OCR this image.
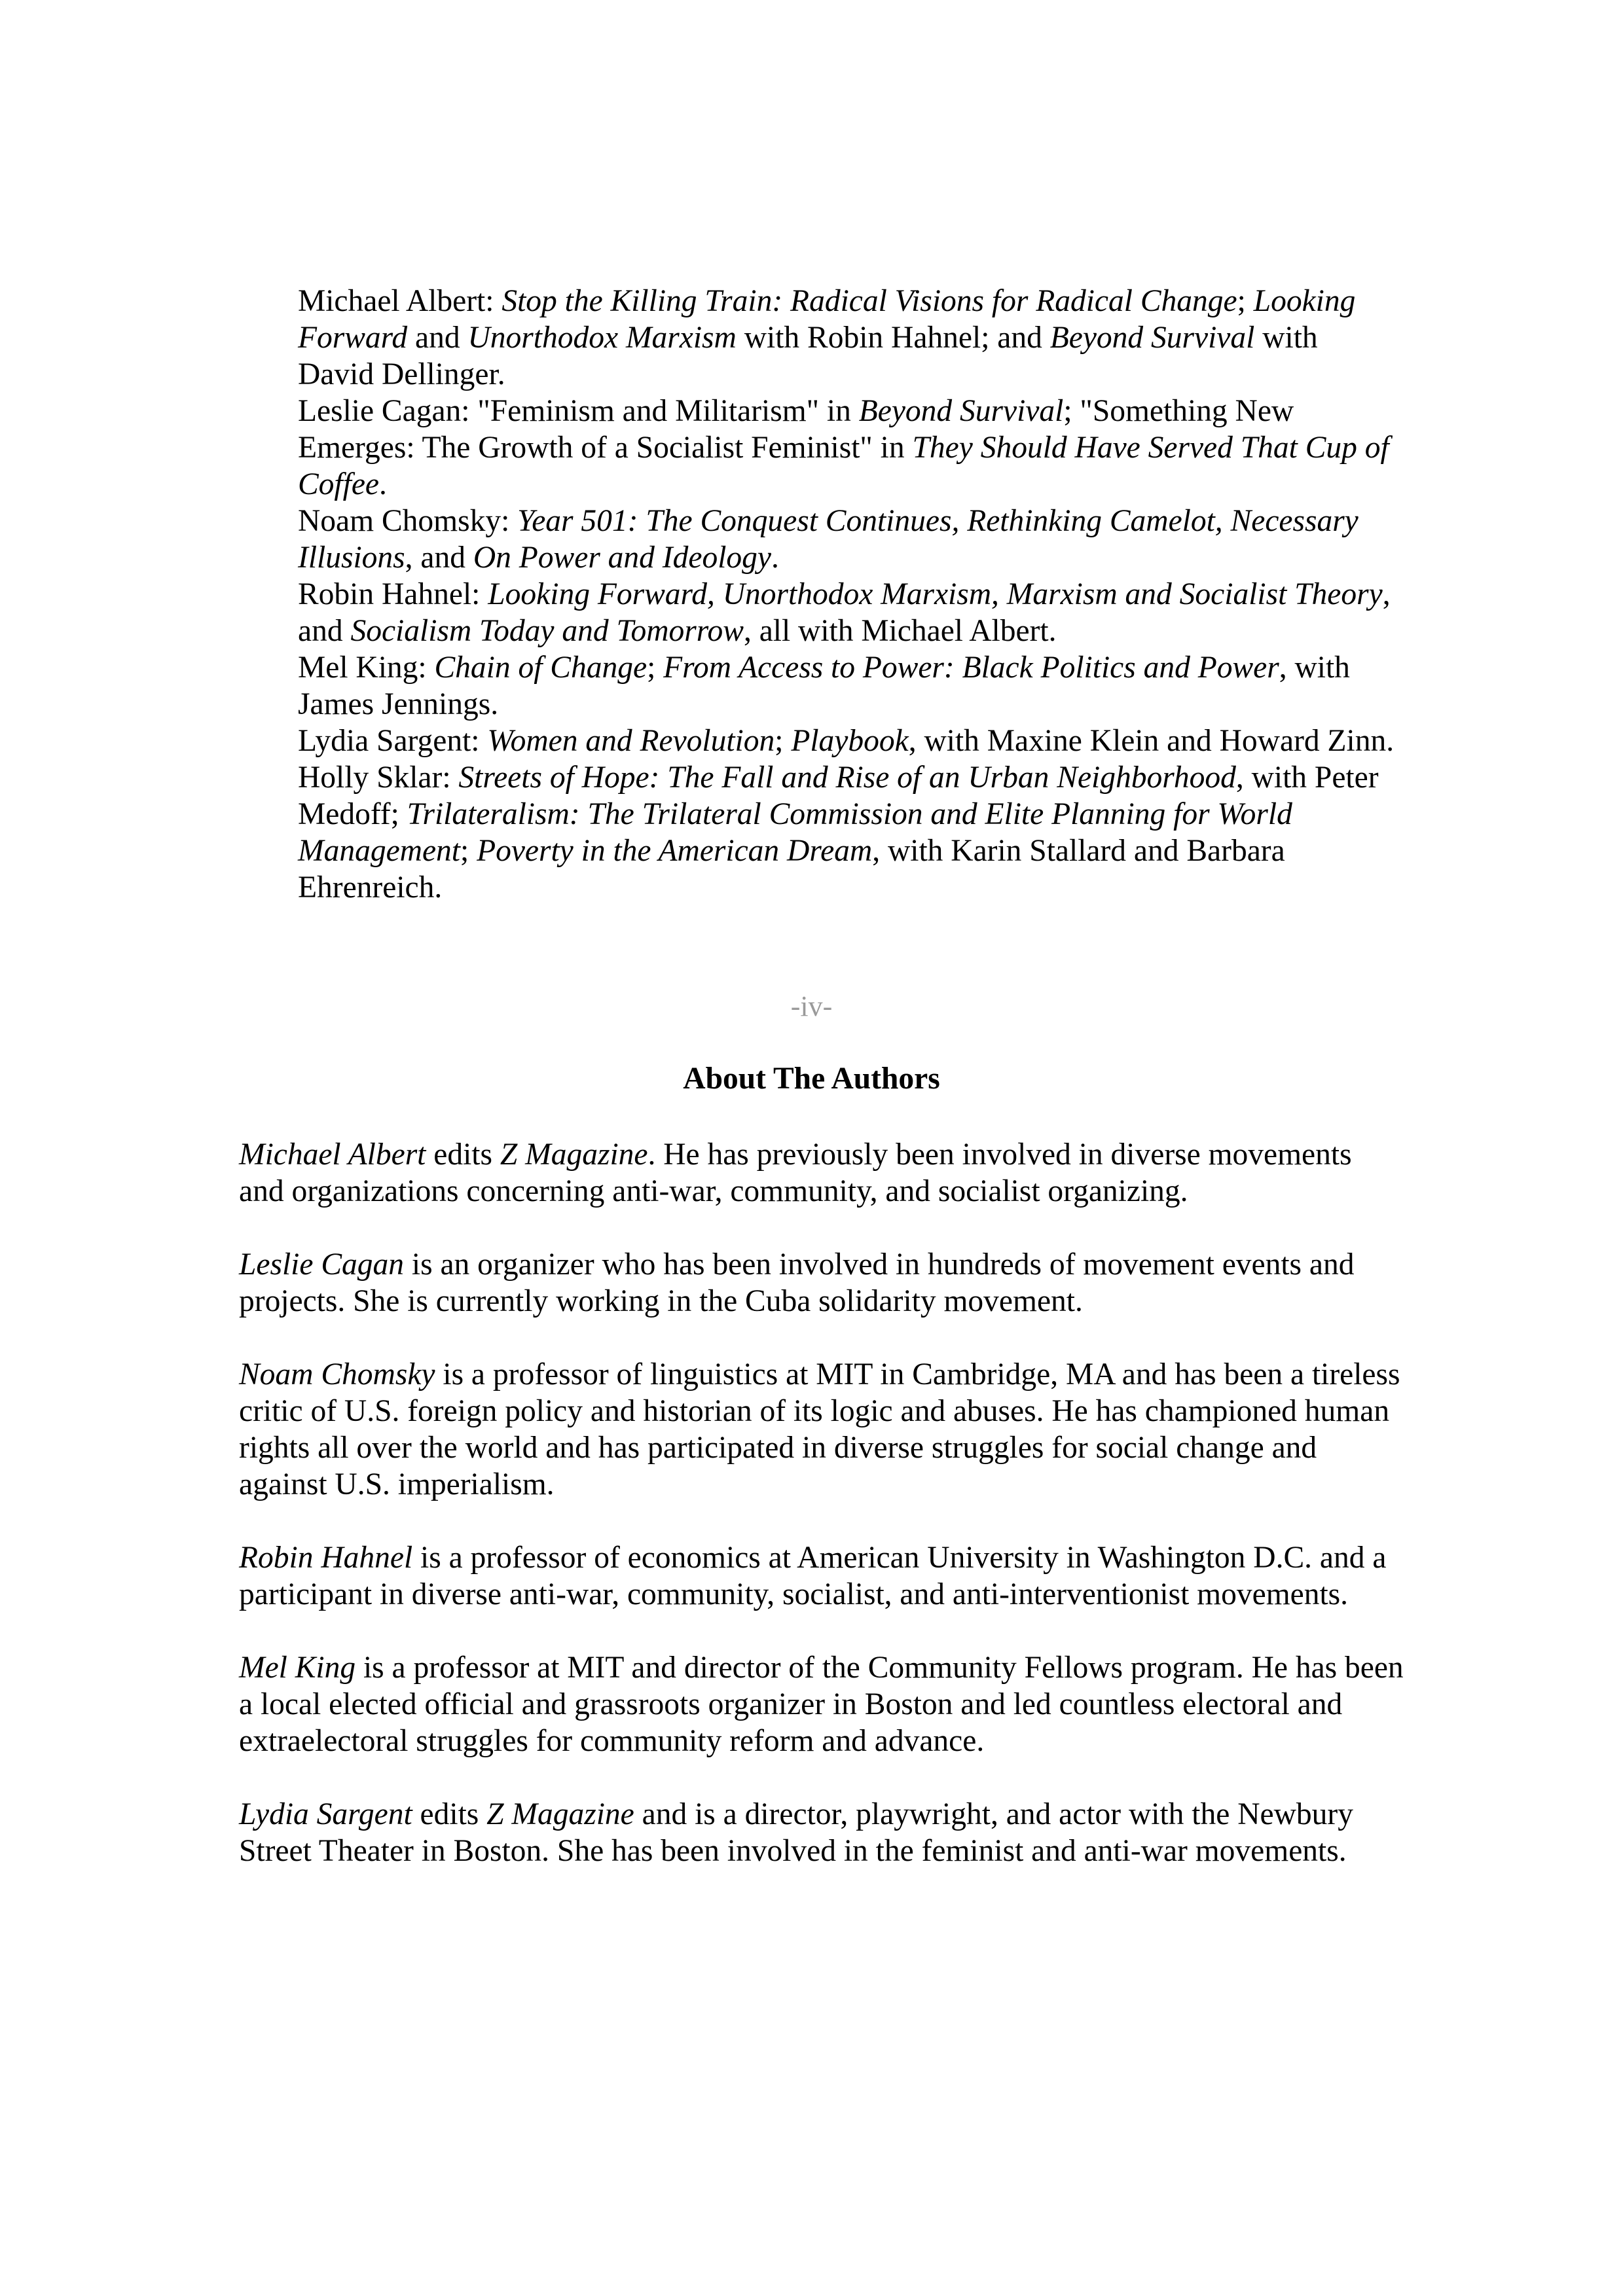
Michael Albert: Stop the Killing Train: Radical Visions for Radical Change; Looking Forward and Unorthodox Marxism with Robin Hahnel; and Beyond Survival with David Dellinger.

Leslie Cagan: "Feminism and Militarism" in Beyond Survival; "Something New Emerges: The Growth of a Socialist Feminist" in They Should Have Served That Cup of Coffee.

Noam Chomsky: Year 501: The Conquest Continues, Rethinking Camelot, Necessary Illusions, and On Power and Ideology.

Robin Hahnel: Looking Forward, Unorthodox Marxism, Marxism and Socialist Theory, and Socialism Today and Tomorrow, all with Michael Albert.

Mel King: Chain of Change; From Access to Power: Black Politics and Power, with James Jennings.

Lydia Sargent: Women and Revolution; Playbook, with Maxine Klein and Howard Zinn.

Holly Sklar: Streets of Hope: The Fall and Rise of an Urban Neighborhood, with Peter Medoff; Trilateralism: The Trilateral Commission and Elite Planning for World Management; Poverty in the American Dream, with Karin Stallard and Barbara Ehrenreich.

-iv-
About The Authors

Michael Albert edits Z Magazine. He has previously been involved in diverse movements and organizations concerning anti-war, community, and socialist organizing.

Leslie Cagan is an organizer who has been involved in hundreds of movement events and projects. She is currently working in the Cuba solidarity movement.

Noam Chomsky is a professor of linguistics at MIT in Cambridge, MA and has been a tireless critic of U.S. foreign policy and historian of its logic and abuses. He has championed human rights all over the world and has participated in diverse struggles for social change and against U.S. imperialism.

Robin Hahnel is a professor of economics at American University in Washington D.C. and a participant in diverse anti-war, community, socialist, and anti-interventionist movements.

Mel King is a professor at MIT and director of the Community Fellows program. He has been a local elected official and grassroots organizer in Boston and led countless electoral and extraelectoral struggles for community reform and advance.

Lydia Sargent edits Z Magazine and is a director, playwright, and actor with the Newbury Street Theater in Boston. She has been involved in the feminist and anti-war movements.
